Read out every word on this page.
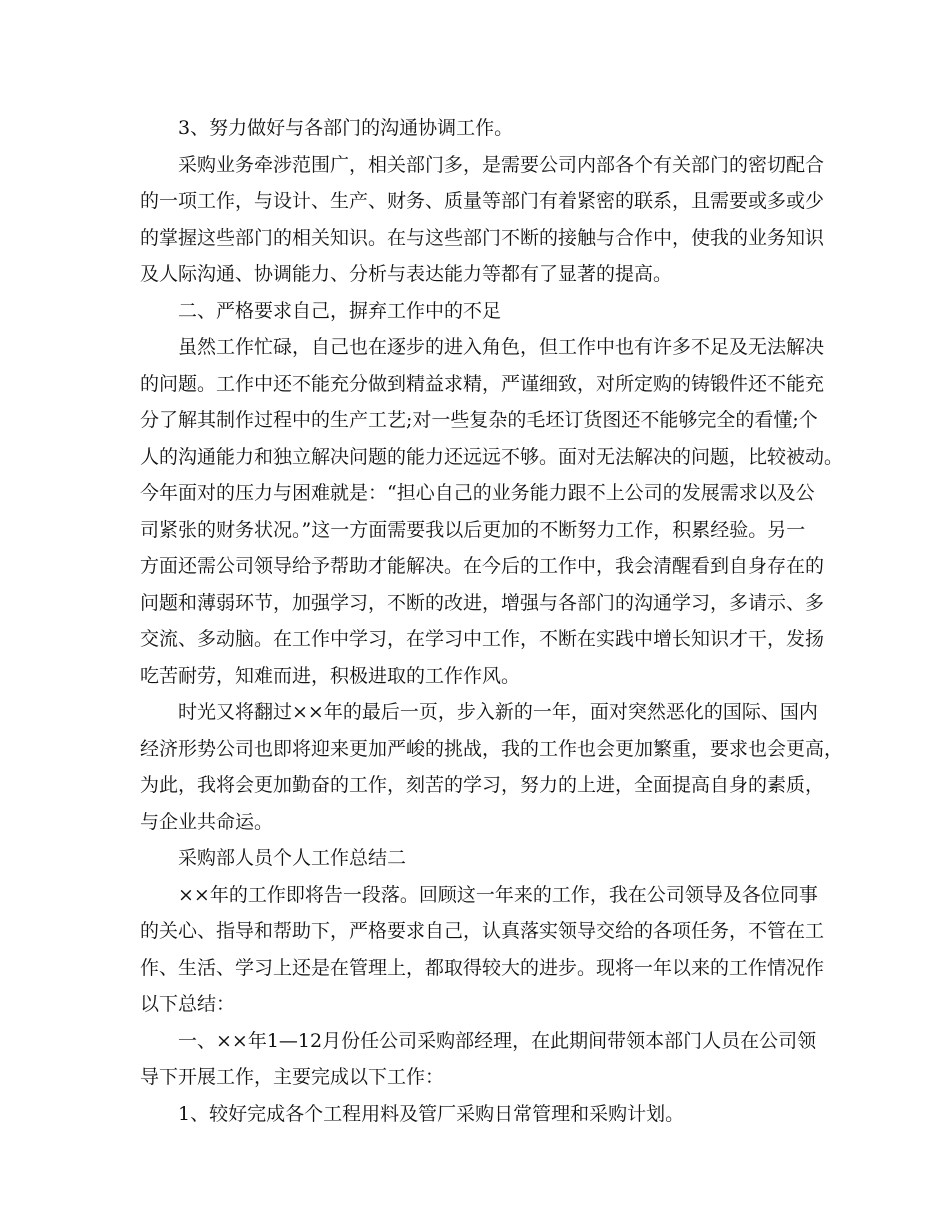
3、努力做好与各部门的沟通协调工作。
采购业务牵涉范围广，相关部门多，是需要公司内部各个有关部门的密切配合
的一项工作，与设计、生产、财务、质量等部门有着紧密的联系，且需要或多或少
的掌握这些部门的相关知识。在与这些部门不断的接触与合作中，使我的业务知识
及人际沟通、协调能力、分析与表达能力等都有了显著的提高。
二、严格要求自己，摒弃工作中的不足
虽然工作忙碌，自己也在逐步的进入角色，但工作中也有许多不足及无法解决
的问题。工作中还不能充分做到精益求精，严谨细致，对所定购的铸锻件还不能充
分了解其制作过程中的生产工艺;对一些复杂的毛坯订货图还不能够完全的看懂;个
人的沟通能力和独立解决问题的能力还远远不够。面对无法解决的问题，比较被动。
今年面对的压力与困难就是：“担心自己的业务能力跟不上公司的发展需求以及公
司紧张的财务状况。”这一方面需要我以后更加的不断努力工作，积累经验。另一
方面还需公司领导给予帮助才能解决。在今后的工作中，我会清醒看到自身存在的
问题和薄弱环节，加强学习，不断的改进，增强与各部门的沟通学习，多请示、多
交流、多动脑。在工作中学习，在学习中工作，不断在实践中增长知识才干，发扬
吃苦耐劳，知难而进，积极进取的工作作风。
时光又将翻过××年的最后一页，步入新的一年，面对突然恶化的国际、国内
经济形势公司也即将迎来更加严峻的挑战，我的工作也会更加繁重，要求也会更高，
为此，我将会更加勤奋的工作，刻苦的学习，努力的上进，全面提高自身的素质，
与企业共命运。
采购部人员个人工作总结二
××年的工作即将告一段落。回顾这一年来的工作，我在公司领导及各位同事
的关心、指导和帮助下，严格要求自己，认真落实领导交给的各项任务，不管在工
作、生活、学习上还是在管理上，都取得较大的进步。现将一年以来的工作情况作
以下总结：
一、××年1—12月份任公司采购部经理，在此期间带领本部门人员在公司领
导下开展工作，主要完成以下工作：
1、较好完成各个工程用料及管厂采购日常管理和采购计划。
